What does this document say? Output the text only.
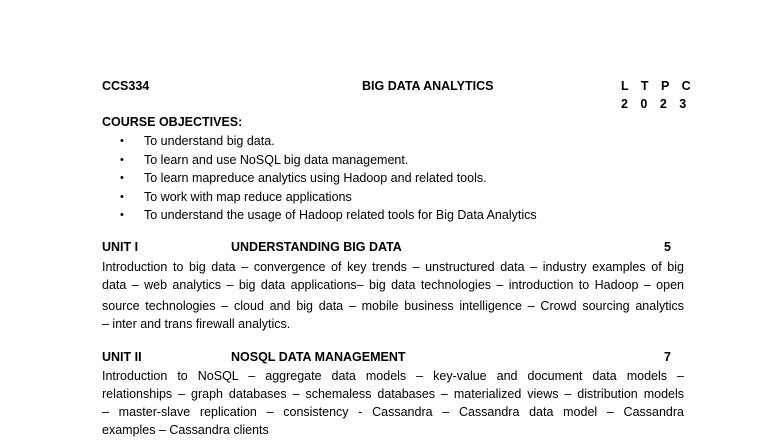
CCS334	BIG DATA ANALYTICS	L T P C
2 0 2 3
COURSE OBJECTIVES:
• To understand big data.
• To learn and use NoSQL big data management.
• To learn mapreduce analytics using Hadoop and related tools.
• To work with map reduce applications
• To understand the usage of Hadoop related tools for Big Data Analytics
UNIT I	UNDERSTANDING BIG DATA	5
Introduction to big data – convergence of key trends – unstructured data – industry examples of big
data – web analytics – big data applications– big data technologies – introduction to Hadoop – open
source technologies – cloud and big data – mobile business intelligence – Crowd sourcing analytics
– inter and trans firewall analytics.
UNIT II	NOSQL DATA MANAGEMENT	7
Introduction to NoSQL – aggregate data models – key-value and document data models –
relationships – graph databases – schemaless databases – materialized views – distribution models
– master-slave replication – consistency - Cassandra – Cassandra data model – Cassandra
examples – Cassandra clients
